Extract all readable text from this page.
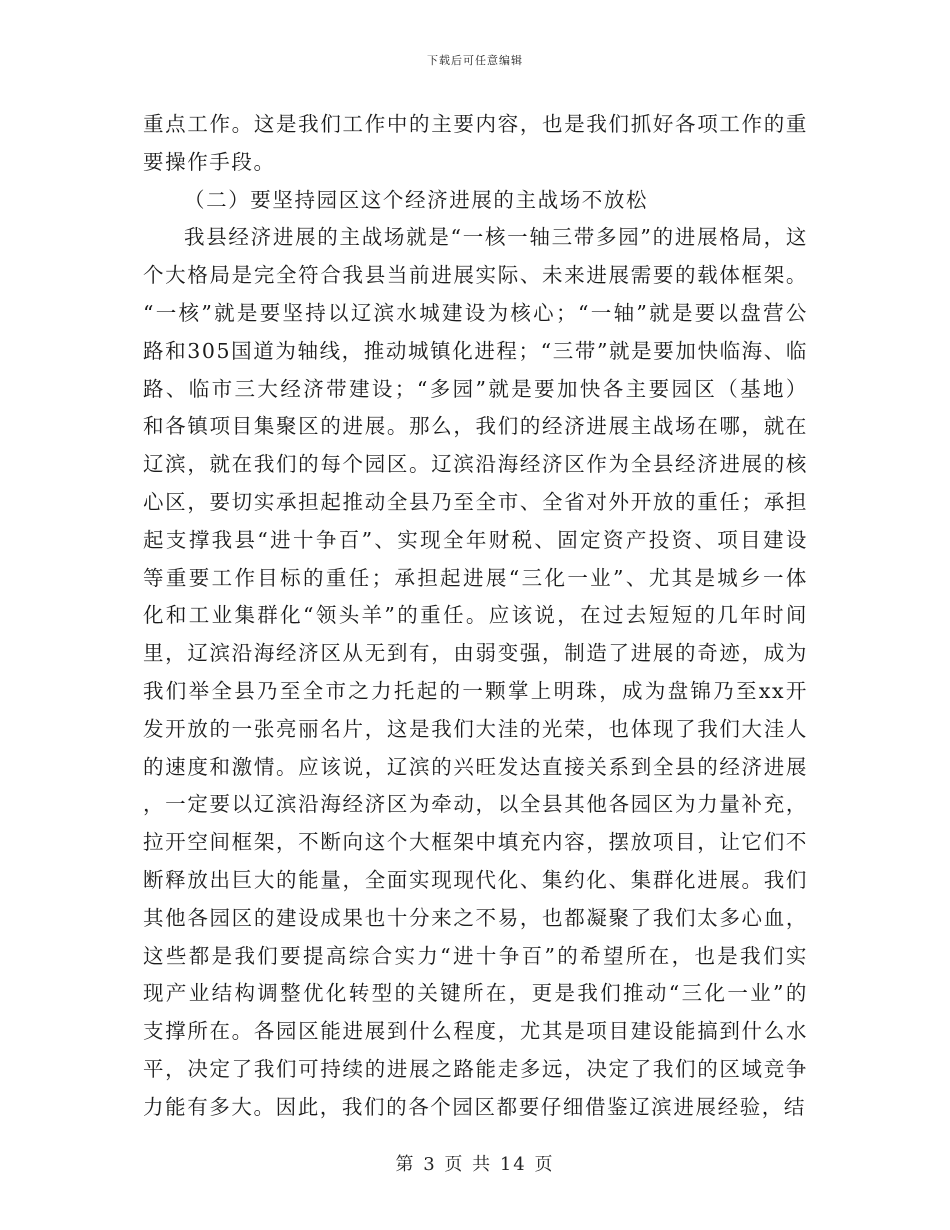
下载后可任意编辑

重点工作。这是我们工作中的主要内容，也是我们抓好各项工作的重要操作手段。

（二）要坚持园区这个经济进展的主战场不放松

我县经济进展的主战场就是“一核一轴三带多园”的进展格局，这个大格局是完全符合我县当前进展实际、未来进展需要的载体框架。“一核”就是要坚持以辽滨水城建设为核心；“一轴”就是要以盘营公路和305国道为轴线，推动城镇化进程；“三带”就是要加快临海、临路、临市三大经济带建设；“多园”就是要加快各主要园区（基地）和各镇项目集聚区的进展。那么，我们的经济进展主战场在哪，就在辽滨，就在我们的每个园区。辽滨沿海经济区作为全县经济进展的核心区，要切实承担起推动全县乃至全市、全省对外开放的重任；承担起支撑我县“进十争百”、实现全年财税、固定资产投资、项目建设等重要工作目标的重任；承担起进展“三化一业”、尤其是城乡一体化和工业集群化“领头羊”的重任。应该说，在过去短短的几年时间里，辽滨沿海经济区从无到有，由弱变强，制造了进展的奇迹，成为我们举全县乃至全市之力托起的一颗掌上明珠，成为盘锦乃至xx开发开放的一张亮丽名片，这是我们大洼的光荣，也体现了我们大洼人的速度和激情。应该说，辽滨的兴旺发达直接关系到全县的经济进展，一定要以辽滨沿海经济区为牵动，以全县其他各园区为力量补充，拉开空间框架，不断向这个大框架中填充内容，摆放项目，让它们不断释放出巨大的能量，全面实现现代化、集约化、集群化进展。我们其他各园区的建设成果也十分来之不易，也都凝聚了我们太多心血，这些都是我们要提高综合实力“进十争百”的希望所在，也是我们实现产业结构调整优化转型的关键所在，更是我们推动“三化一业”的支撑所在。各园区能进展到什么程度，尤其是项目建设能搞到什么水平，决定了我们可持续的进展之路能走多远，决定了我们的区域竞争力能有多大。因此，我们的各个园区都要仔细借鉴辽滨进展经验，结

第 3 页 共 14 页
